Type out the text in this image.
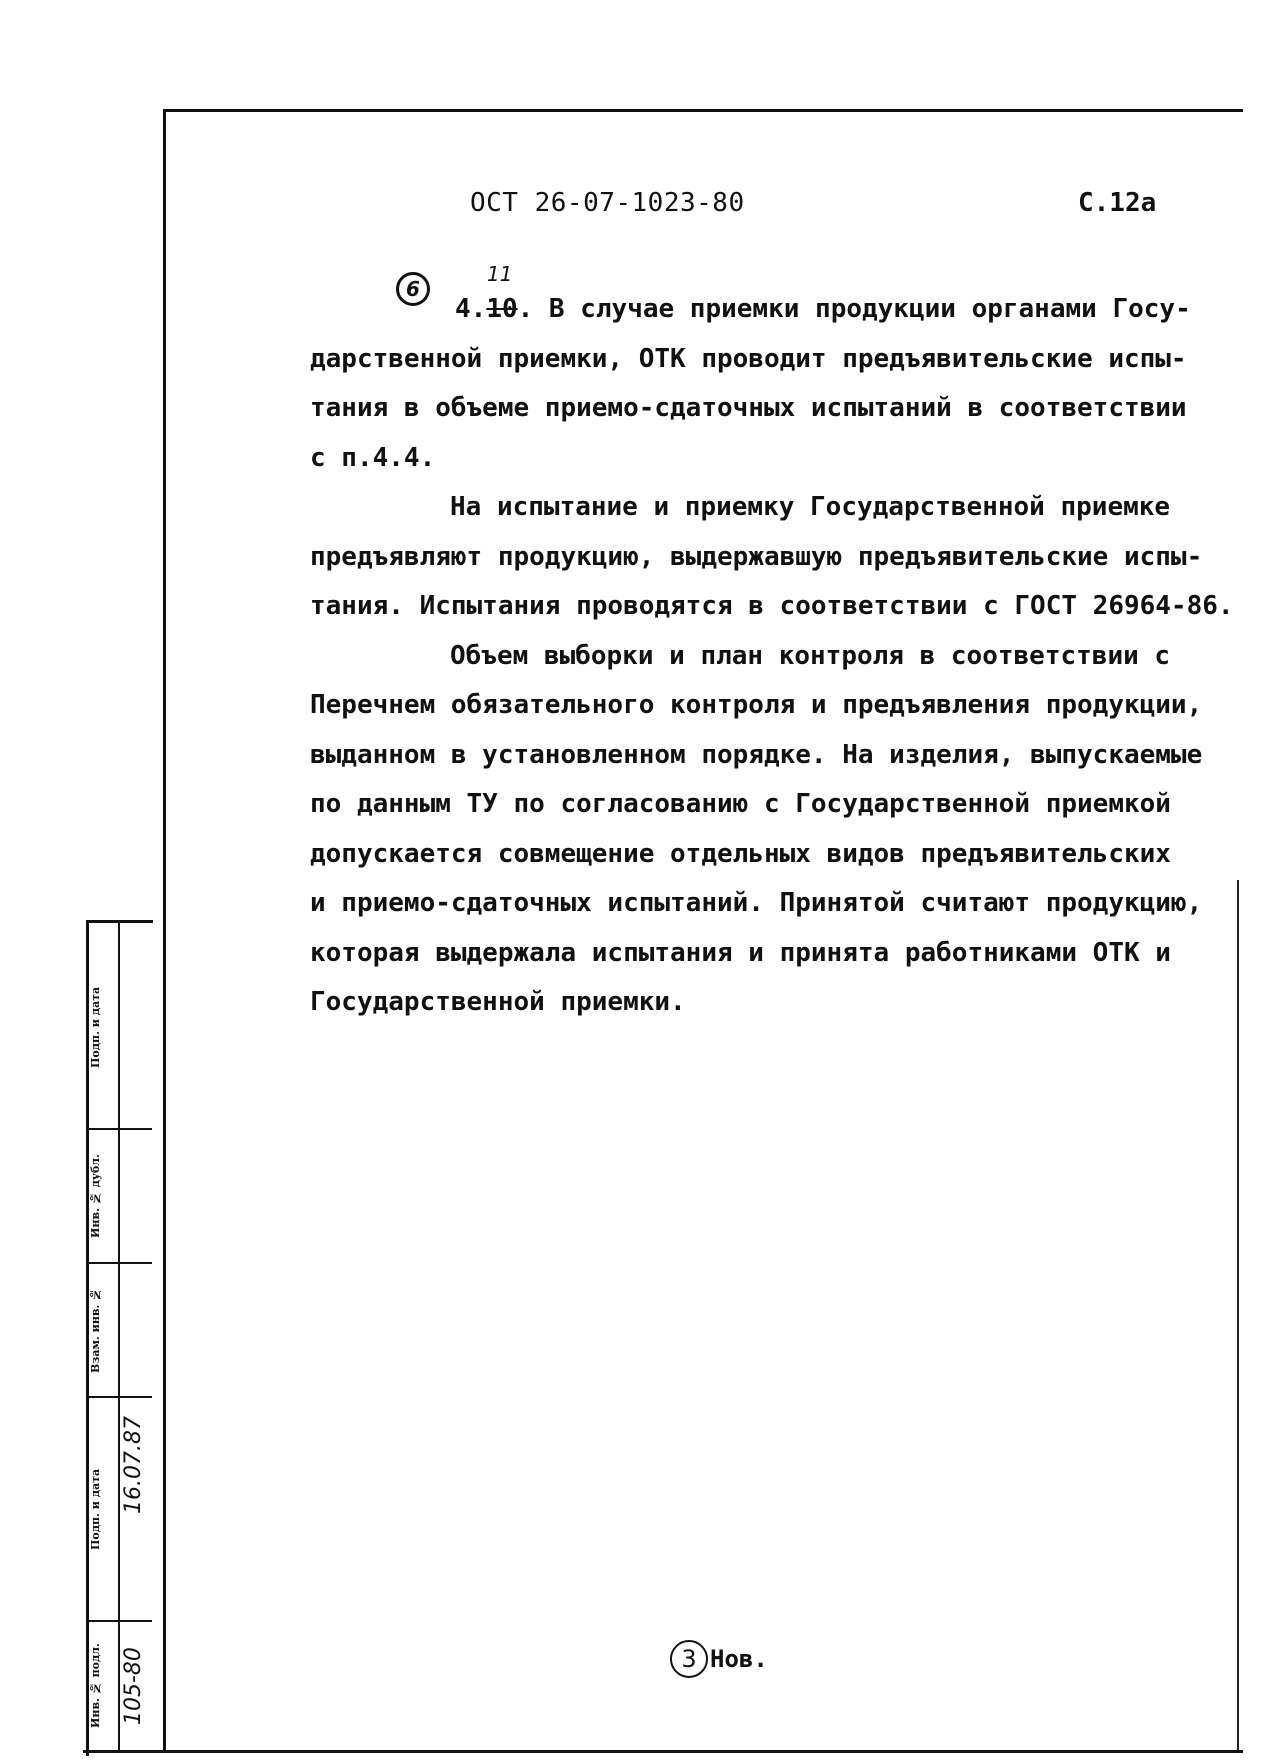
ОСТ 26-07-1023-80	С.12а
6
11
4.10. В случае приемки продукции органами Госу-
дарственной приемки, ОТК проводит предъявительские испы-
тания в объеме приемо-сдаточных испытаний в соответствии
с п.4.4.
На испытание и приемку Государственной приемке
предъявляют продукцию, выдержавшую предъявительские испы-
тания. Испытания проводятся в соответствии с ГОСТ 26964-86.
Объем выборки и план контроля в соответствии с
Перечнем обязательного контроля и предъявления продукции,
выданном в установленном порядке. На изделия, выпускаемые
по данным ТУ по согласованию с Государственной приемкой
допускается совмещение отдельных видов предъявительских
и приемо-сдаточных испытаний. Принятой считают продукцию,
которая выдержала испытания и принята работниками ОТК и
Государственной приемки.
Подп. и дата
Инв. № дубл.
Взам. инв. №
Подп. и дата
Инв. № подл.
16.07.87
105-80	3 Нов.
